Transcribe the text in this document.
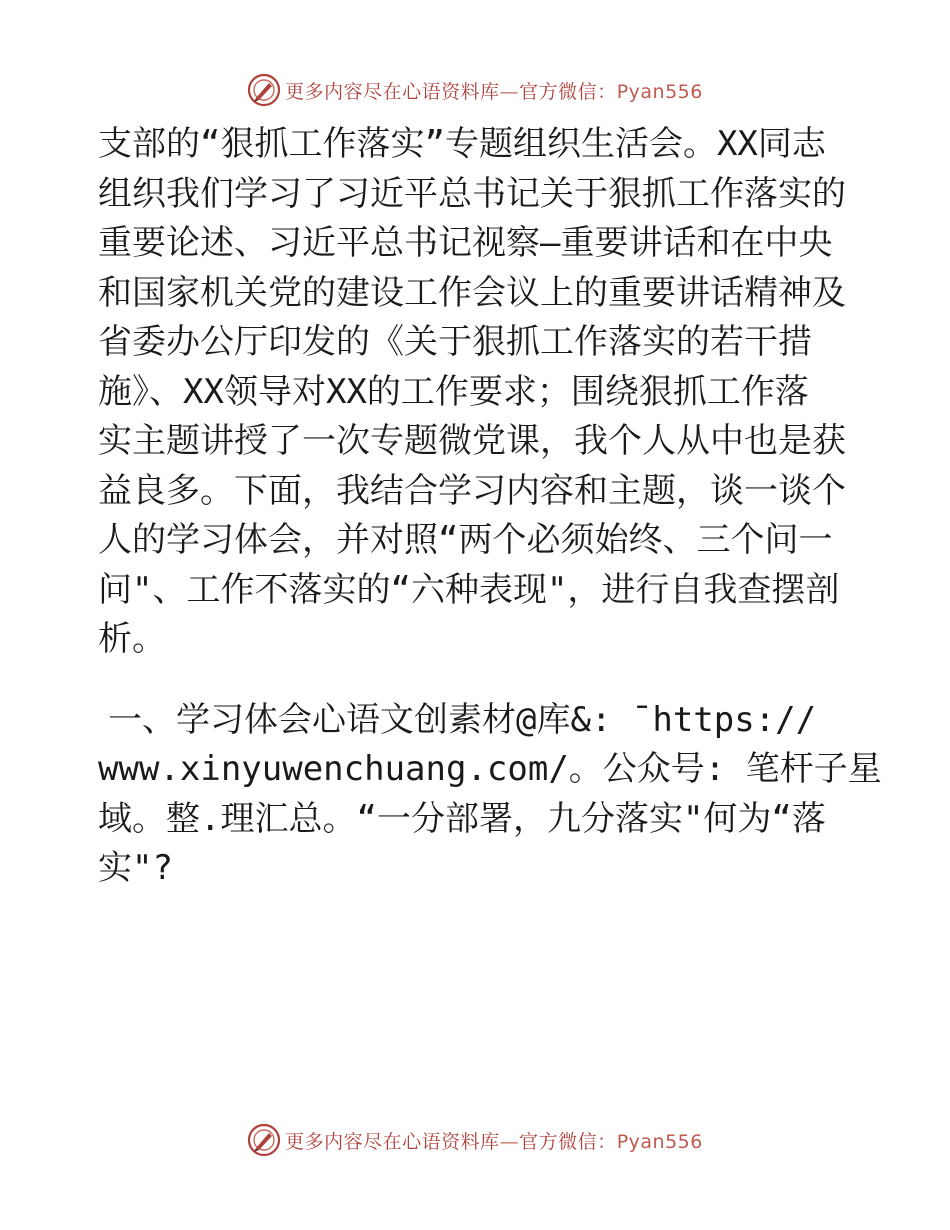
更多内容尽在心语资料库—官方微信：Pyan556

支部的“狠抓工作落实”专题组织生活会。XX同志
组织我们学习了习近平总书记关于狠抓工作落实的
重要论述、习近平总书记视察—重要讲话和在中央
和国家机关党的建设工作会议上的重要讲话精神及
省委办公厅印发的《关于狠抓工作落实的若干措
施》、XX领导对XX的工作要求；围绕狠抓工作落
实主题讲授了一次专题微党课，我个人从中也是获
益良多。下面，我结合学习内容和主题，谈一谈个
人的学习体会，并对照“两个必须始终、三个问一
问"、工作不落实的“六种表现"，进行自我查摆剖
析。

一、学习体会心语文创素材@库&: ¯https://
www.xinyuwenchuang.com/。公众号: 笔杆子星
域。整.理汇总。“一分部署，九分落实"何为“落
实"?

更多内容尽在心语资料库—官方微信：Pyan556
